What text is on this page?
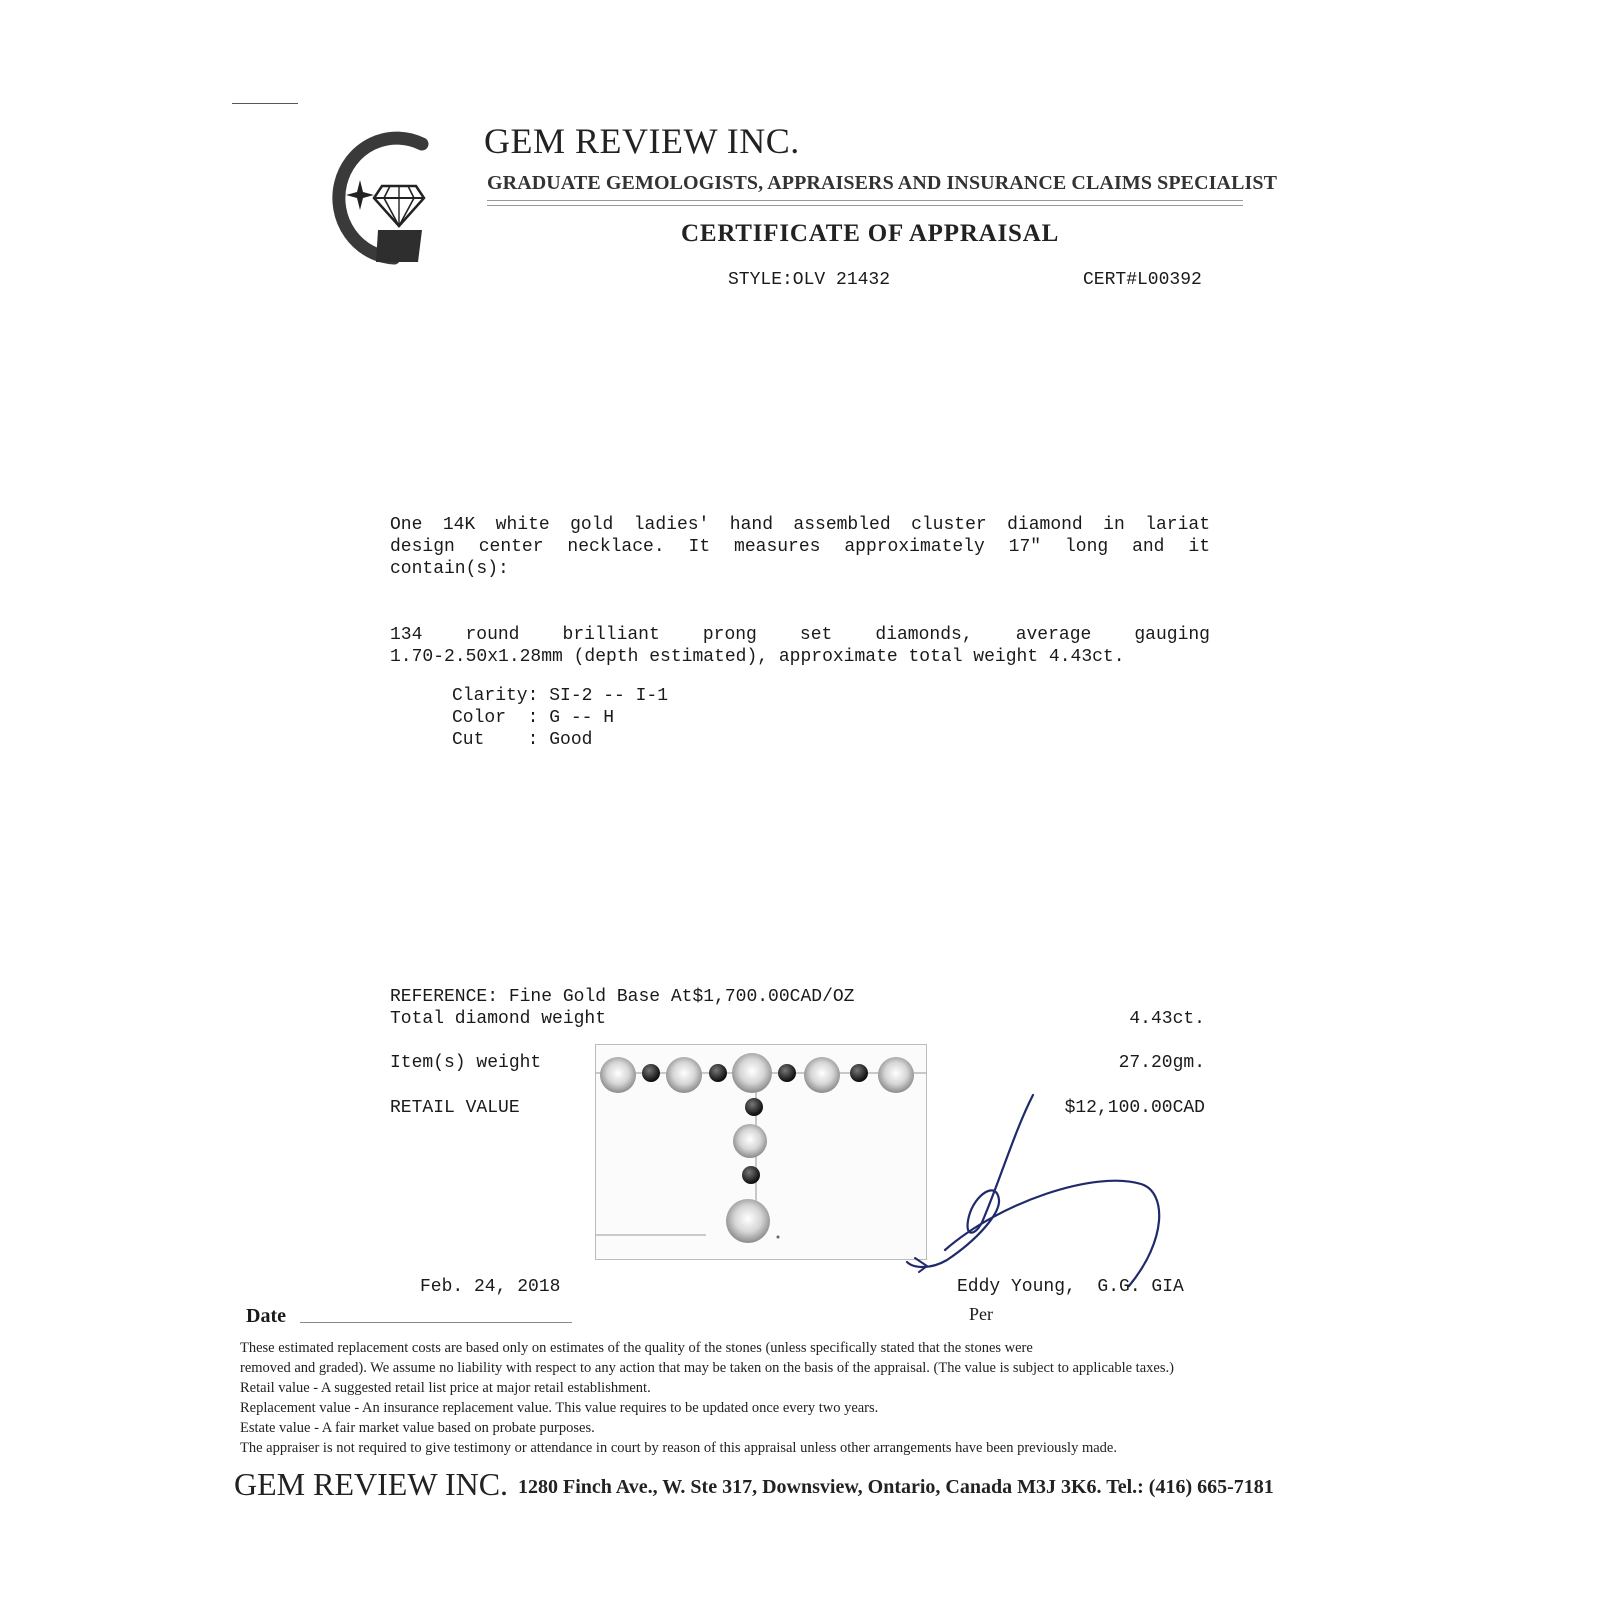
GEM REVIEW INC.
GRADUATE GEMOLOGISTS, APPRAISERS AND INSURANCE CLAIMS SPECIALIST
CERTIFICATE OF APPRAISAL
STYLE:OLV 21432	CERT#L00392

One 14K white gold ladies' hand assembled cluster diamond in lariat

design center necklace. It measures approximately 17" long and it

contain(s):

134 round brilliant prong set diamonds, average gauging

1.70-2.50x1.28mm (depth estimated), approximate total weight 4.43ct.

Clarity: SI-2 -- I-1
Color  : G -- H
Cut    : Good
REFERENCE: Fine Gold Base At$1,700.00CAD/OZ
Total diamond weight	4.43ct.
Item(s) weight	27.20gm.
RETAIL VALUE	$12,100.00CAD
Feb. 24, 2018
Date
Eddy Young,  G.G. GIA
Per
These estimated replacement costs are based only on estimates of the quality of the stones (unless specifically stated that the stones were
removed and graded). We assume no liability with respect to any action that may be taken on the basis of the appraisal. (The value is subject to applicable taxes.)
Retail value - A suggested retail list price at major retail establishment.
Replacement value - An insurance replacement value. This value requires to be updated once every two years.
Estate value - A fair market value based on probate purposes.
The appraiser is not required to give testimony or attendance in court by reason of this appraisal unless other arrangements have been previously made.
GEM REVIEW INC. 1280 Finch Ave., W. Ste 317, Downsview, Ontario, Canada M3J 3K6. Tel.: (416) 665-7181
